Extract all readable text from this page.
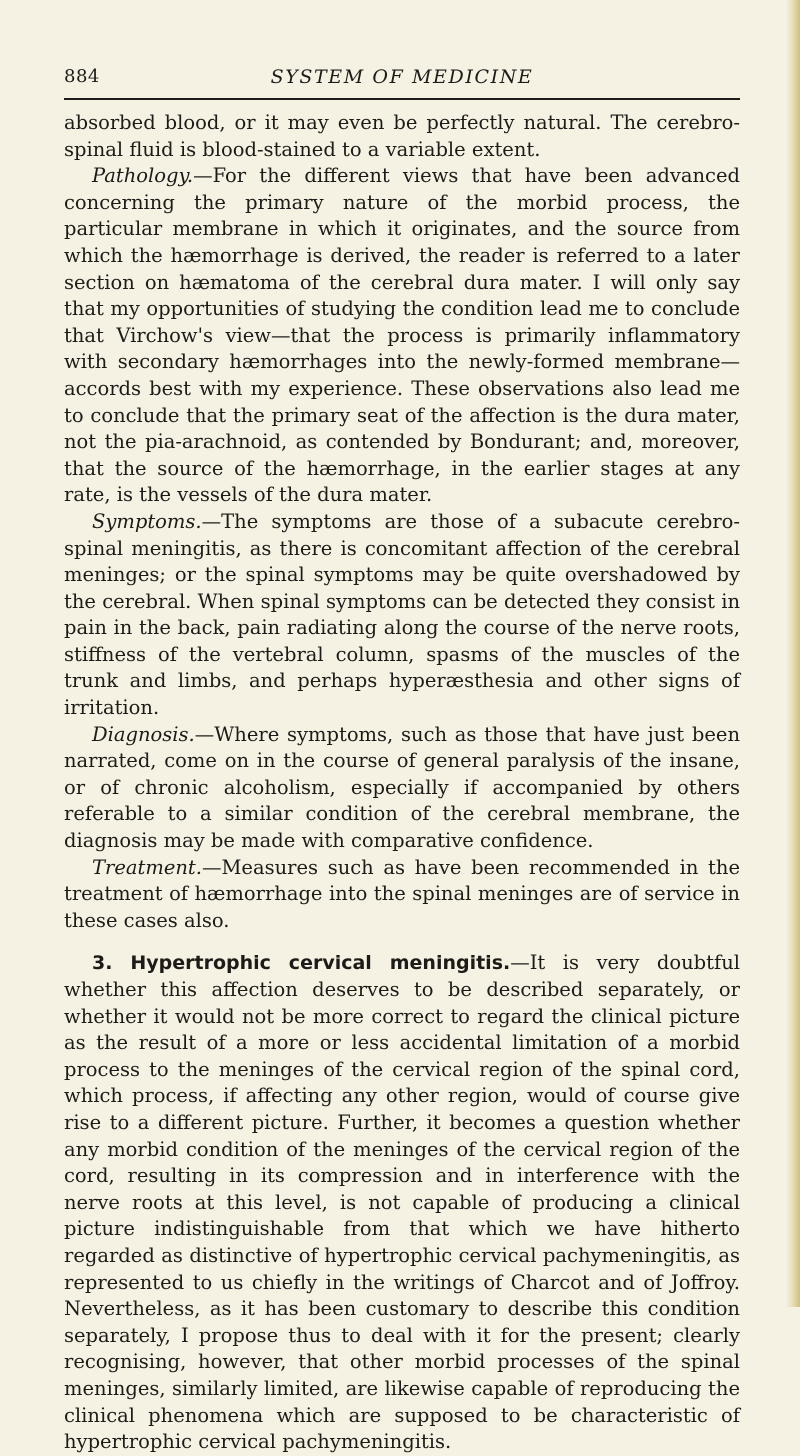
884	SYSTEM OF MEDICINE

absorbed blood, or it may even be perfectly natural. The cerebro-spinal fluid is blood-stained to a variable extent.

Pathology.—For the different views that have been advanced concerning the primary nature of the morbid process, the particular membrane in which it originates, and the source from which the hæmorrhage is derived, the reader is referred to a later section on hæmatoma of the cerebral dura mater. I will only say that my opportunities of studying the condition lead me to conclude that Virchow's view—that the process is primarily inflammatory with secondary hæmorrhages into the newly-formed membrane—accords best with my experience. These observations also lead me to conclude that the primary seat of the affection is the dura mater, not the pia-arachnoid, as contended by Bondurant; and, moreover, that the source of the hæmorrhage, in the earlier stages at any rate, is the vessels of the dura mater.

Symptoms.—The symptoms are those of a subacute cerebro-spinal meningitis, as there is concomitant affection of the cerebral meninges; or the spinal symptoms may be quite overshadowed by the cerebral. When spinal symptoms can be detected they consist in pain in the back, pain radiating along the course of the nerve roots, stiffness of the vertebral column, spasms of the muscles of the trunk and limbs, and perhaps hyperæsthesia and other signs of irritation.

Diagnosis.—Where symptoms, such as those that have just been narrated, come on in the course of general paralysis of the insane, or of chronic alcoholism, especially if accompanied by others referable to a similar condition of the cerebral membrane, the diagnosis may be made with comparative confidence.

Treatment.—Measures such as have been recommended in the treatment of hæmorrhage into the spinal meninges are of service in these cases also.

3. Hypertrophic cervical meningitis.—It is very doubtful whether this affection deserves to be described separately, or whether it would not be more correct to regard the clinical picture as the result of a more or less accidental limitation of a morbid process to the meninges of the cervical region of the spinal cord, which process, if affecting any other region, would of course give rise to a different picture. Further, it becomes a question whether any morbid condition of the meninges of the cervical region of the cord, resulting in its compression and in interference with the nerve roots at this level, is not capable of producing a clinical picture indistinguishable from that which we have hitherto regarded as distinctive of hypertrophic cervical pachymeningitis, as represented to us chiefly in the writings of Charcot and of Joffroy. Nevertheless, as it has been customary to describe this condition separately, I propose thus to deal with it for the present; clearly recognising, however, that other morbid processes of the spinal meninges, similarly limited, are likewise capable of reproducing the clinical phenomena which are supposed to be characteristic of hypertrophic cervical pachymeningitis.
